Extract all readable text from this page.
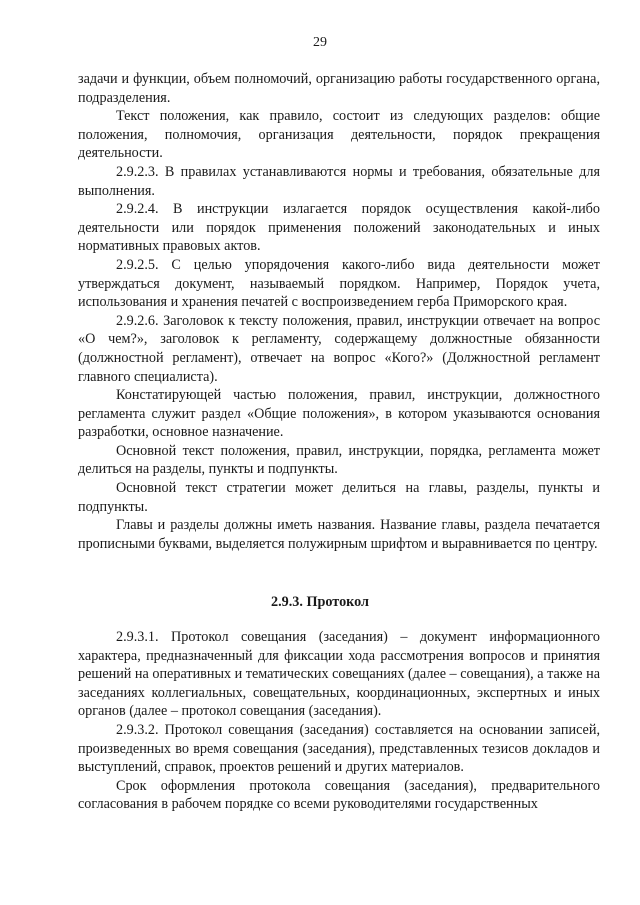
29

задачи и функции, объем полномочий, организацию работы государственного органа, подразделения.

Текст положения, как правило, состоит из следующих разделов: общие положения, полномочия, организация деятельности, порядок прекращения деятельности.

2.9.2.3. В правилах устанавливаются нормы и требования, обязательные для выполнения.

2.9.2.4. В инструкции излагается порядок осуществления какой-либо деятельности или порядок применения положений законодательных и иных нормативных правовых актов.

2.9.2.5. С целью упорядочения какого-либо вида деятельности может утверждаться документ, называемый порядком. Например, Порядок учета, использования и хранения печатей с воспроизведением герба Приморского края.

2.9.2.6. Заголовок к тексту положения, правил, инструкции отвечает на вопрос «О чем?», заголовок к регламенту, содержащему должностные обязанности (должностной регламент), отвечает на вопрос «Кого?» (Должностной регламент главного специалиста).

Констатирующей частью положения, правил, инструкции, должностного регламента служит раздел «Общие положения», в котором указываются основания разработки, основное назначение.

Основной текст положения, правил, инструкции, порядка, регламента может делиться на разделы, пункты и подпункты.

Основной текст стратегии может делиться на главы, разделы, пункты и подпункты.

Главы и разделы должны иметь названия. Название главы, раздела печатается прописными буквами, выделяется полужирным шрифтом и выравнивается по центру.

2.9.3. Протокол

2.9.3.1. Протокол совещания (заседания) – документ информационного характера, предназначенный для фиксации хода рассмотрения вопросов и принятия решений на оперативных и тематических совещаниях (далее – совещания), а также на заседаниях коллегиальных, совещательных, координационных, экспертных и иных органов (далее – протокол совещания (заседания).

2.9.3.2. Протокол совещания (заседания) составляется на основании записей, произведенных во время совещания (заседания), представленных тезисов докладов и выступлений, справок, проектов решений и других материалов.

Срок оформления протокола совещания (заседания), предварительного согласования в рабочем порядке со всеми руководителями государственных
